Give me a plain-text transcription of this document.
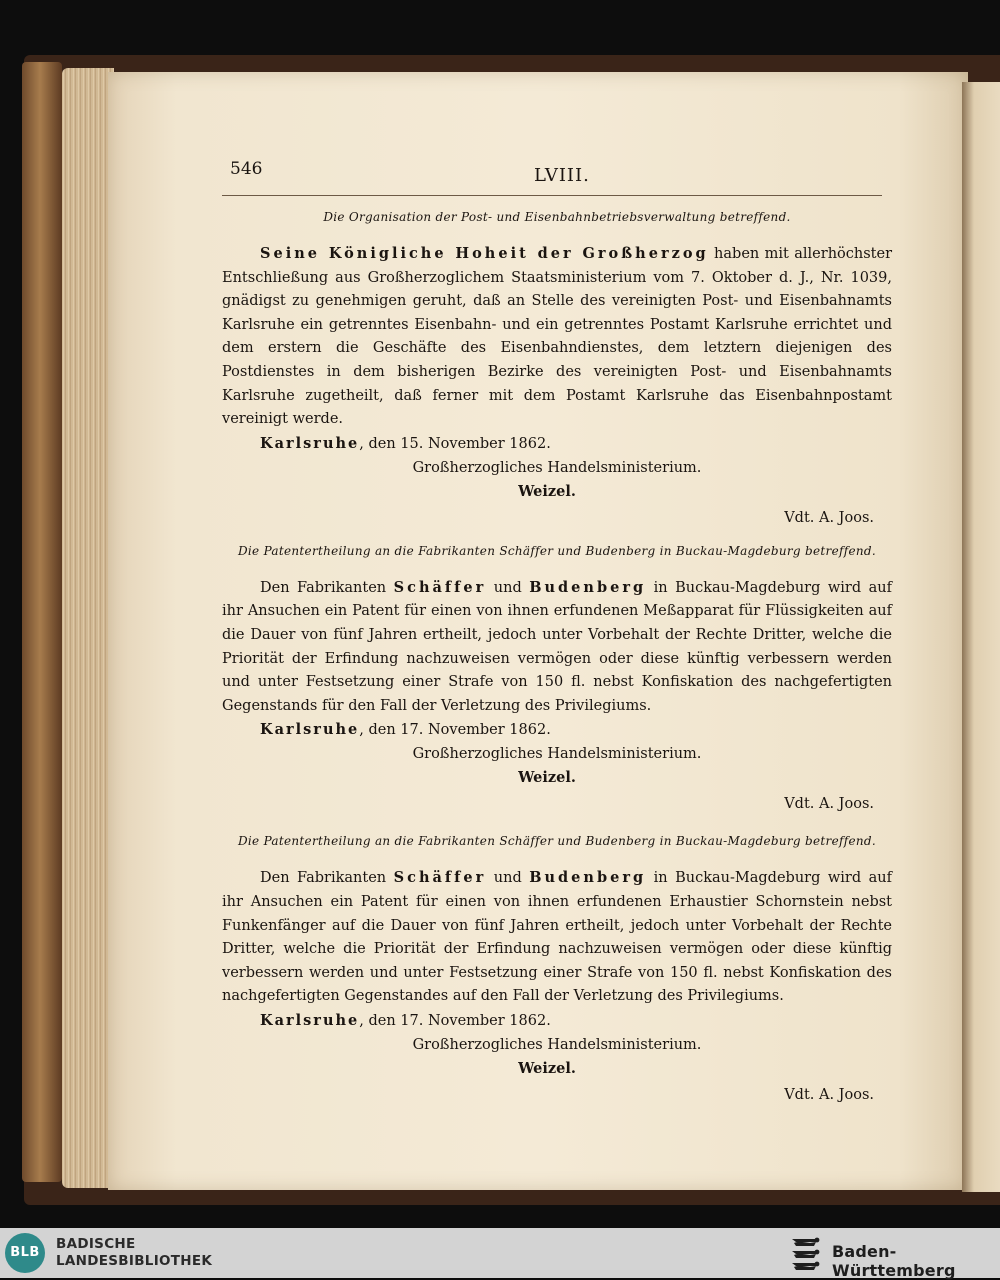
546	LVIII.
Die Organisation der Post- und Eisenbahnbetriebsverwaltung betreffend.

Seine Königliche Hoheit der Großherzog haben mit allerhöchster Entschließung aus Großherzoglichem Staatsministerium vom 7. Oktober d. J., Nr. 1039, gnädigst zu genehmigen geruht, daß an Stelle des vereinigten Post- und Eisenbahnamts Karlsruhe ein getrenntes Eisenbahn- und ein getrenntes Postamt Karlsruhe errichtet und dem erstern die Geschäfte des Eisenbahndienstes, dem letztern diejenigen des Postdienstes in dem bisherigen Bezirke des vereinigten Post- und Eisenbahnamts Karlsruhe zugetheilt, daß ferner mit dem Postamt Karlsruhe das Eisenbahnpostamt vereinigt werde.

Karlsruhe, den 15. November 1862.

Großherzogliches Handelsministerium.

Weizel.

Vdt. A. Joos.

Die Patentertheilung an die Fabrikanten Schäffer und Budenberg in Buckau-Magdeburg betreffend.

Den Fabrikanten Schäffer und Budenberg in Buckau-Magdeburg wird auf ihr Ansuchen ein Patent für einen von ihnen erfundenen Meßapparat für Flüssigkeiten auf die Dauer von fünf Jahren ertheilt, jedoch unter Vorbehalt der Rechte Dritter, welche die Priorität der Erfindung nachzuweisen vermögen oder diese künftig verbessern werden und unter Festsetzung einer Strafe von 150 fl. nebst Konfiskation des nachgefertigten Gegenstands für den Fall der Verletzung des Privilegiums.

Karlsruhe, den 17. November 1862.

Großherzogliches Handelsministerium.

Weizel.

Vdt. A. Joos.

Die Patentertheilung an die Fabrikanten Schäffer und Budenberg in Buckau-Magdeburg betreffend.

Den Fabrikanten Schäffer und Budenberg in Buckau-Magdeburg wird auf ihr Ansuchen ein Patent für einen von ihnen erfundenen Erhaustier Schornstein nebst Funkenfänger auf die Dauer von fünf Jahren ertheilt, jedoch unter Vorbehalt der Rechte Dritter, welche die Priorität der Erfindung nachzuweisen vermögen oder diese künftig verbessern werden und unter Festsetzung einer Strafe von 150 fl. nebst Konfiskation des nachgefertigten Gegenstandes auf den Fall der Verletzung des Privilegiums.

Karlsruhe, den 17. November 1862.

Großherzogliches Handelsministerium.

Weizel.

Vdt. A. Joos.

BLB
BADISCHE
LANDESBIBLIOTHEK	Baden-Württemberg
